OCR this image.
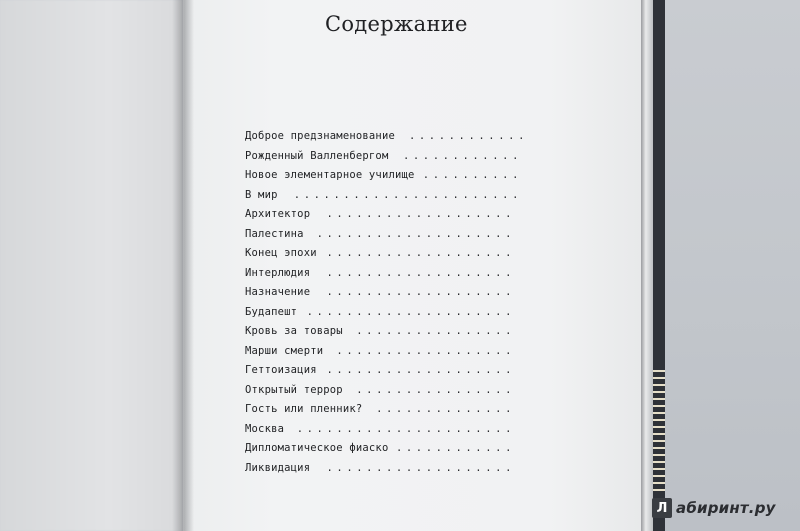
Содержание
Доброе предзнаменование	............
Рожденный Валленбергом	............
Новое элементарное училище ..........
В мир	.......................
Архитектор	...................
Палестина	....................
Конец эпохи ...................
Интерлюдия	...................
Назначение	...................
Будапешт .....................
Кровь за товары	................
Марши смерти	..................
Геттоизация ...................
Открытый террор	................
Гость или пленник?	..............
Москва	......................
Дипломатическое фиаско ............
Ликвидация	...................
Л абиринт.ру
